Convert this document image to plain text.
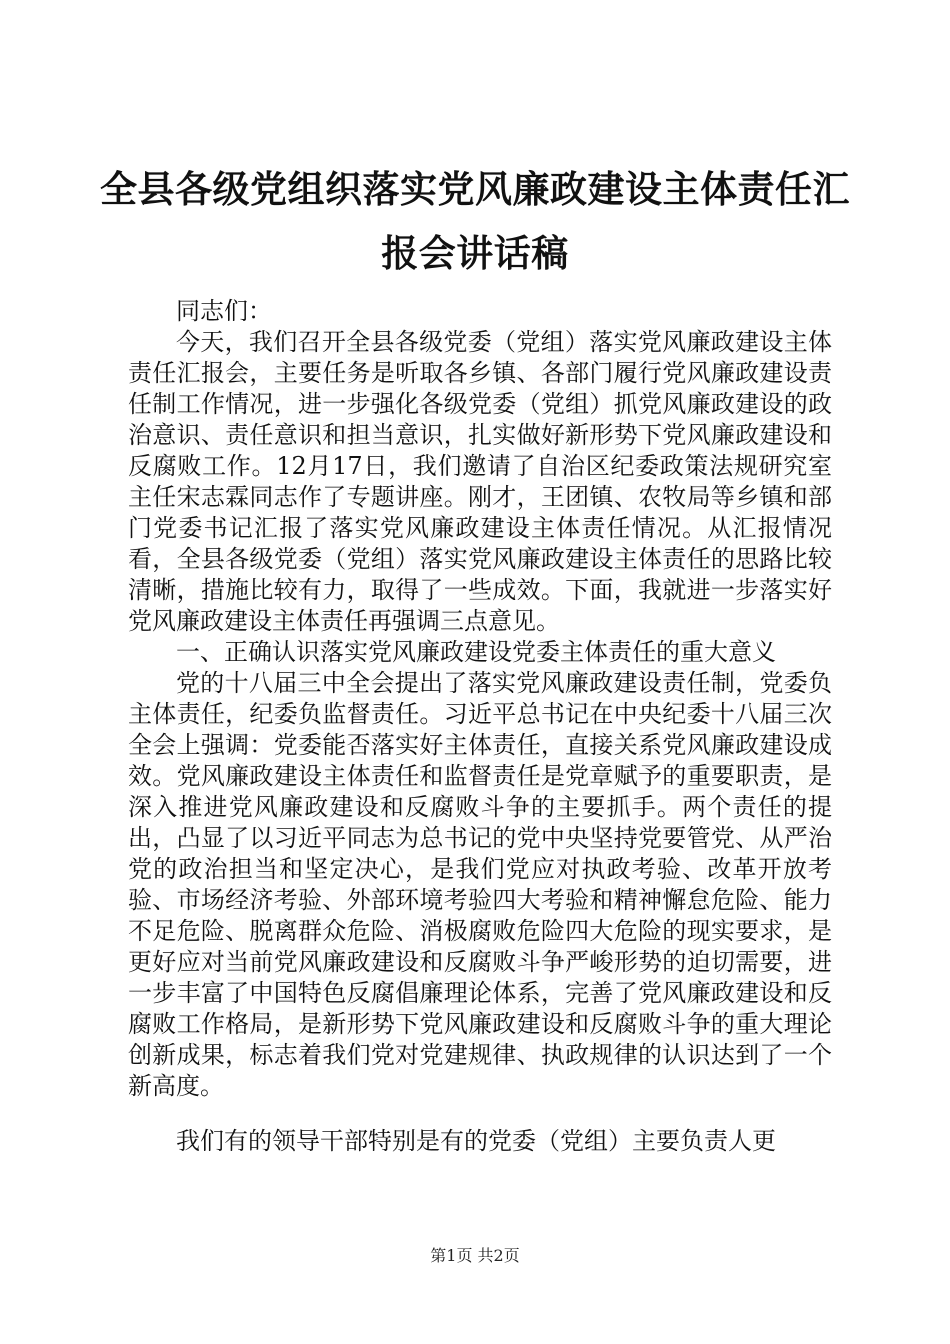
全县各级党组织落实党风廉政建设主体责任汇报会讲话稿

同志们：

今天，我们召开全县各级党委（党组）落实党风廉政建设主体责任汇报会，主要任务是听取各乡镇、各部门履行党风廉政建设责任制工作情况，进一步强化各级党委（党组）抓党风廉政建设的政治意识、责任意识和担当意识，扎实做好新形势下党风廉政建设和反腐败工作。12月17日，我们邀请了自治区纪委政策法规研究室主任宋志霖同志作了专题讲座。刚才，王团镇、农牧局等乡镇和部门党委书记汇报了落实党风廉政建设主体责任情况。从汇报情况看，全县各级党委（党组）落实党风廉政建设主体责任的思路比较清晰，措施比较有力，取得了一些成效。下面，我就进一步落实好党风廉政建设主体责任再强调三点意见。

一、正确认识落实党风廉政建设党委主体责任的重大意义

党的十八届三中全会提出了落实党风廉政建设责任制，党委负主体责任，纪委负监督责任。习近平总书记在中央纪委十八届三次全会上强调：党委能否落实好主体责任，直接关系党风廉政建设成效。党风廉政建设主体责任和监督责任是党章赋予的重要职责，是深入推进党风廉政建设和反腐败斗争的主要抓手。两个责任的提出，凸显了以习近平同志为总书记的党中央坚持党要管党、从严治党的政治担当和坚定决心，是我们党应对执政考验、改革开放考验、市场经济考验、外部环境考验四大考验和精神懈怠危险、能力不足危险、脱离群众危险、消极腐败危险四大危险的现实要求，是更好应对当前党风廉政建设和反腐败斗争严峻形势的迫切需要，进一步丰富了中国特色反腐倡廉理论体系，完善了党风廉政建设和反腐败工作格局，是新形势下党风廉政建设和反腐败斗争的重大理论创新成果，标志着我们党对党建规律、执政规律的认识达到了一个新高度。

我们有的领导干部特别是有的党委（党组）主要负责人更

第1页 共2页
